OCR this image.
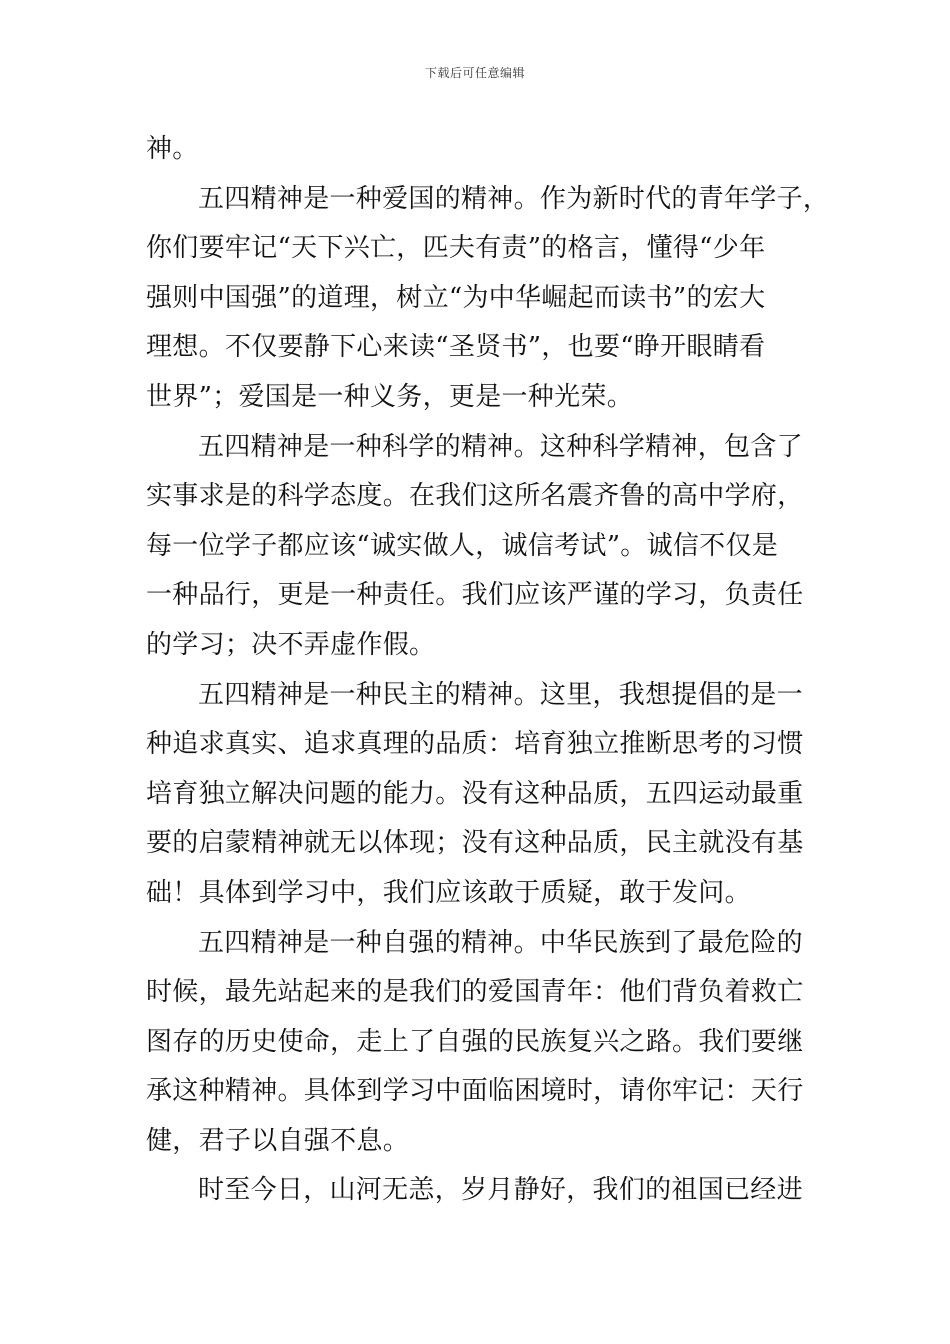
下载后可任意编辑
神。
五四精神是一种爱国的精神。作为新时代的青年学子，
你们要牢记“天下兴亡，匹夫有责”的格言，懂得“少年
强则中国强”的道理，树立“为中华崛起而读书”的宏大
理想。不仅要静下心来读“圣贤书”，也要“睁开眼睛看
世界”；爱国是一种义务，更是一种光荣。
五四精神是一种科学的精神。这种科学精神，包含了
实事求是的科学态度。在我们这所名震齐鲁的高中学府，
每一位学子都应该“诚实做人，诚信考试”。诚信不仅是
一种品行，更是一种责任。我们应该严谨的学习，负责任
的学习；决不弄虚作假。
五四精神是一种民主的精神。这里，我想提倡的是一
种追求真实、追求真理的品质：培育独立推断思考的习惯
培育独立解决问题的能力。没有这种品质，五四运动最重
要的启蒙精神就无以体现；没有这种品质，民主就没有基
础！具体到学习中，我们应该敢于质疑，敢于发问。
五四精神是一种自强的精神。中华民族到了最危险的
时候，最先站起来的是我们的爱国青年：他们背负着救亡
图存的历史使命，走上了自强的民族复兴之路。我们要继
承这种精神。具体到学习中面临困境时，请你牢记：天行
健，君子以自强不息。
时至今日，山河无恙，岁月静好，我们的祖国已经进
